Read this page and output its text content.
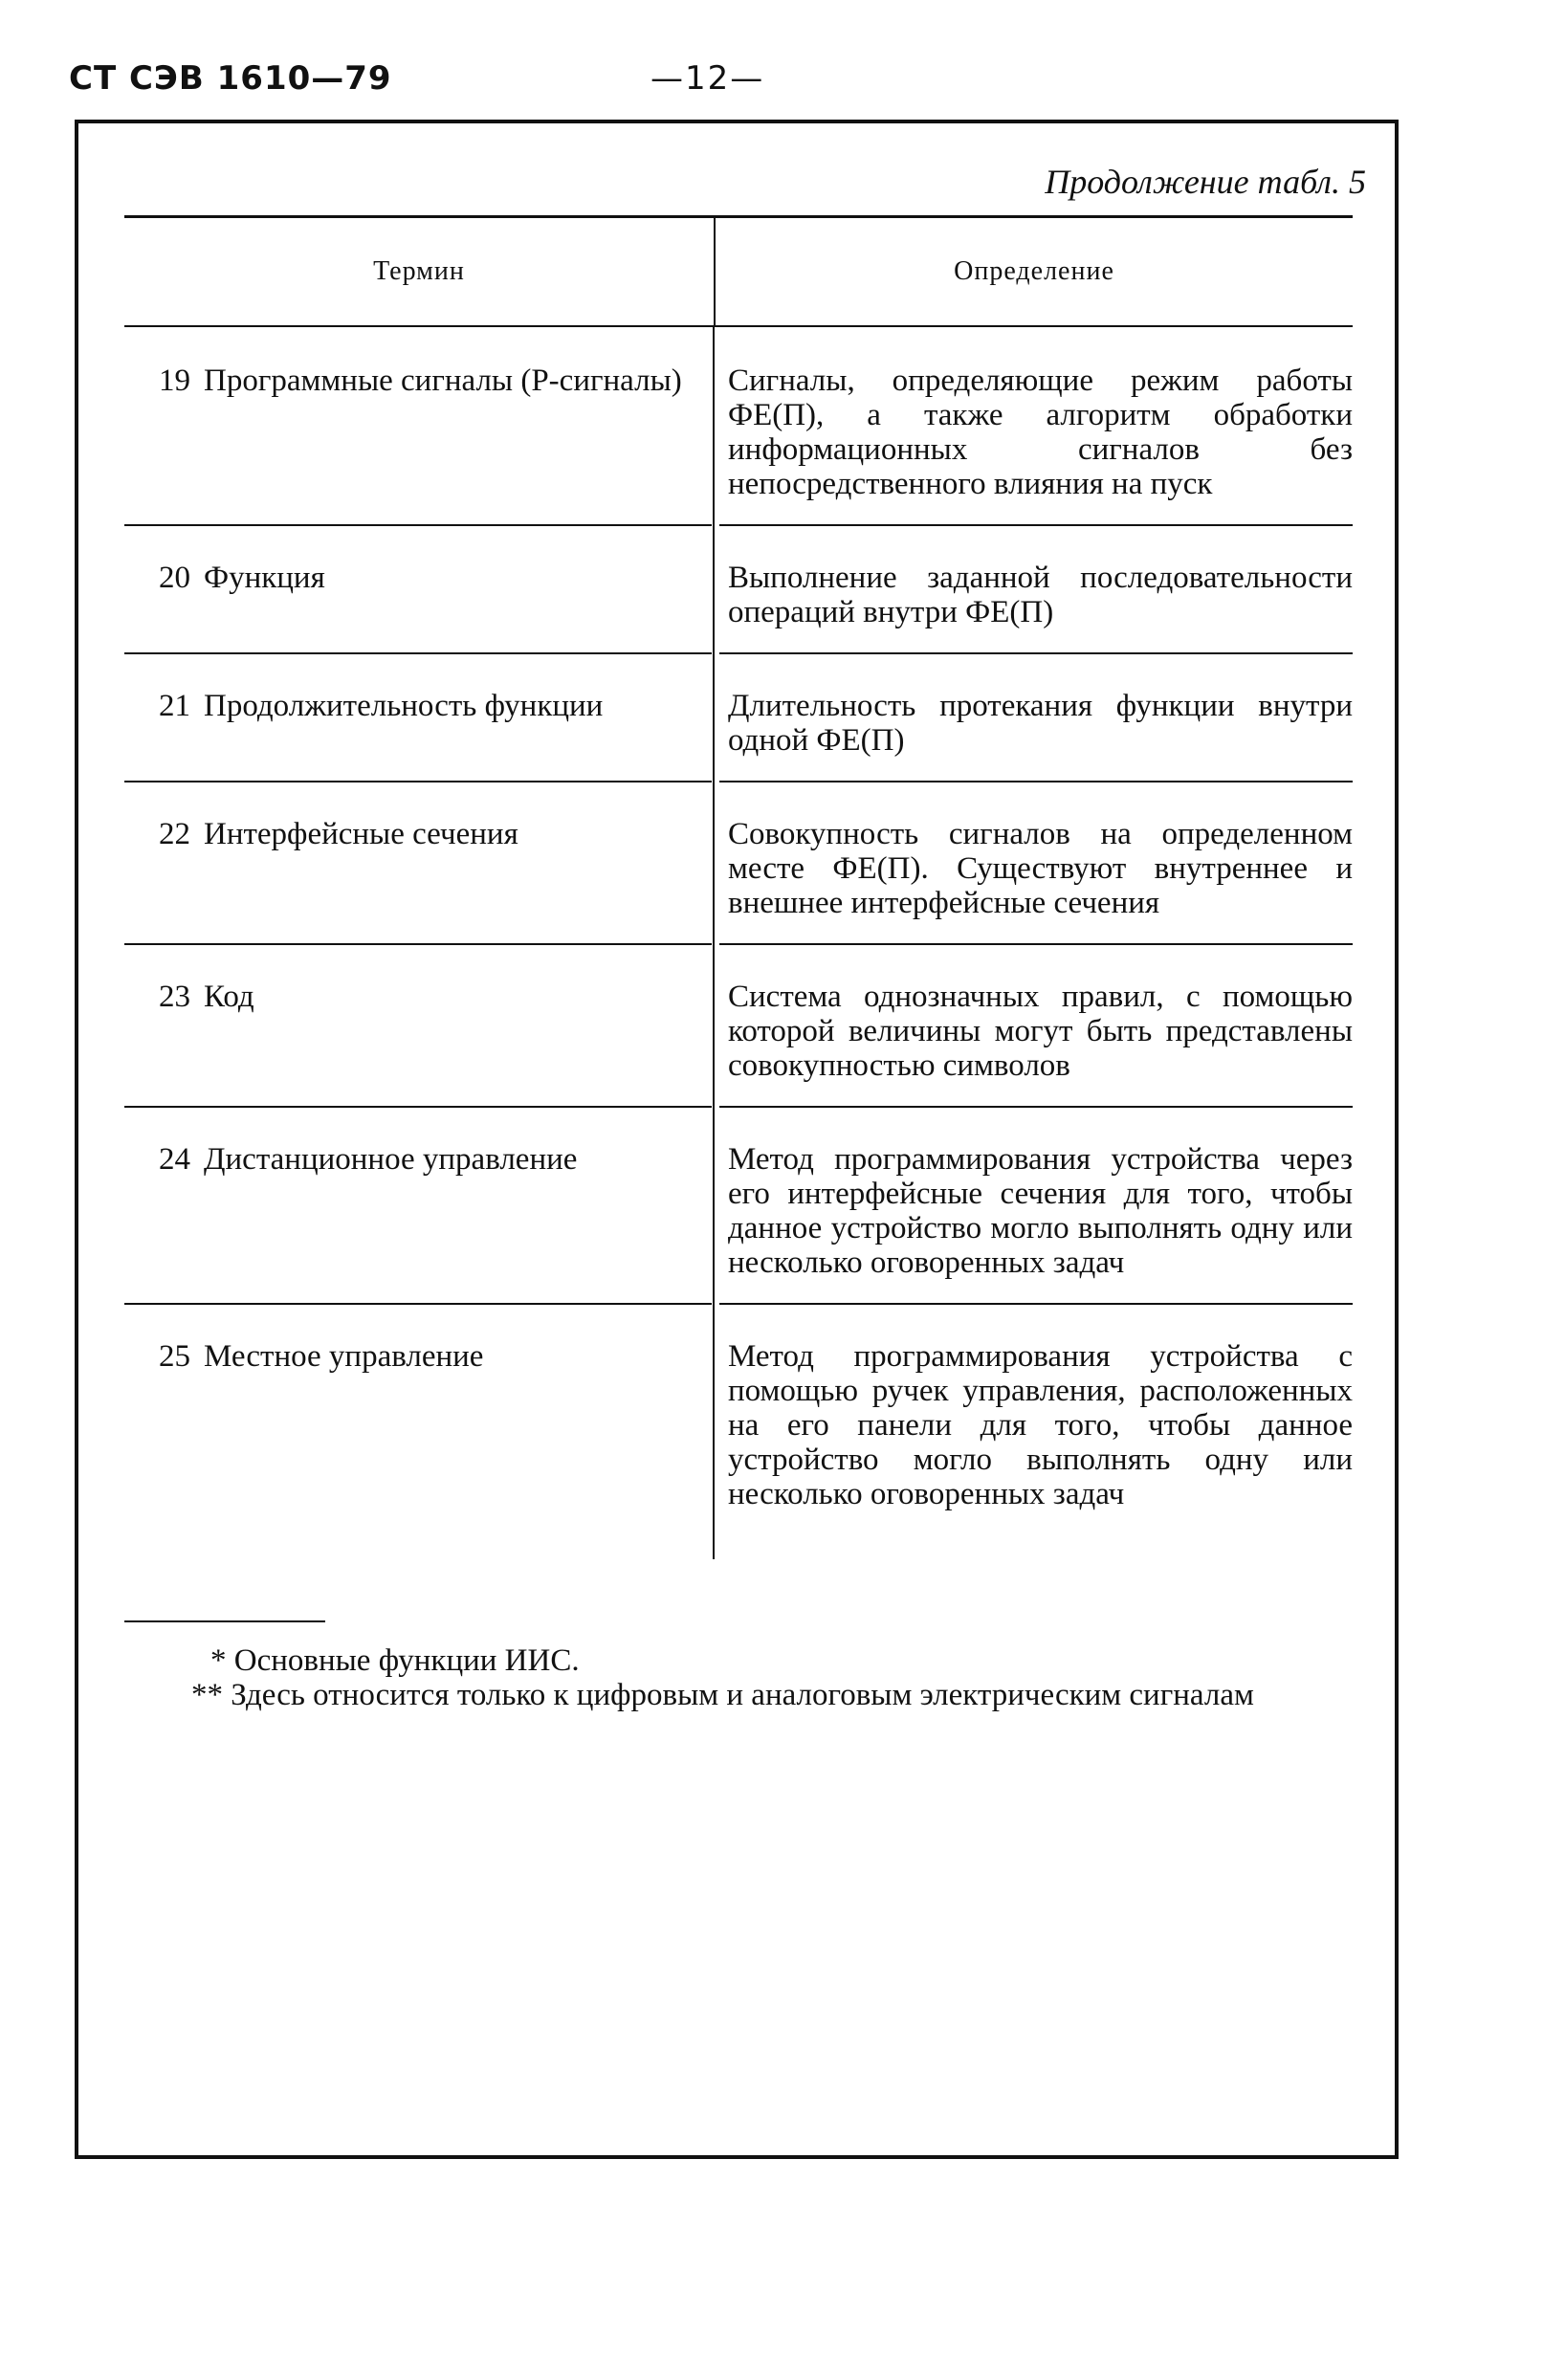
СТ СЭВ 1610—79	—12—
Продолжение табл. 5
Термин	Определение
19 Программные сигналы (Р-сигналы)	Сигналы, определяющие режим работы ФЕ(П), а также алгоритм обработки информационных сигналов без непосредственного влияния на пуск
20 Функция	Выполнение заданной последовательности операций внутри ФЕ(П)
21 Продолжительность функции	Длительность протекания функции внутри одной ФЕ(П)
22 Интерфейсные сечения	Совокупность сигналов на определенном месте ФЕ(П). Существуют внутреннее и внешнее интерфейсные сечения
23 Код	Система однозначных правил, с помощью которой величины могут быть представлены совокупностью символов
24 Дистанционное управление	Метод программирования устройства через его интерфейсные сечения для того, чтобы данное устройство могло выполнять одну или несколько оговоренных задач
25 Местное управление	Метод программирования устройства с помощью ручек управления, расположенных на его панели для того, чтобы данное устройство могло выполнять одну или несколько оговоренных задач
* Основные функции ИИС.
** Здесь относится только к цифровым и аналоговым электрическим сигналам
